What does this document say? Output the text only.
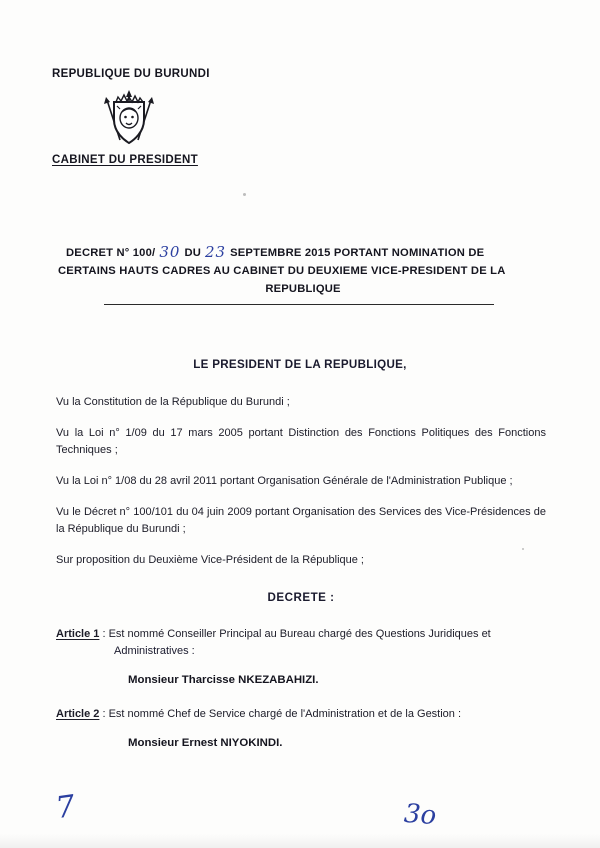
REPUBLIQUE DU BURUNDI
CABINET DU PRESIDENT
DECRET N° 100/ 30 DU 23 SEPTEMBRE 2015 PORTANT NOMINATION DE
CERTAINS HAUTS CADRES AU CABINET DU DEUXIEME VICE-PRESIDENT DE LA
REPUBLIQUE
LE PRESIDENT DE LA REPUBLIQUE,
Vu la Constitution de la République du Burundi ;
Vu la Loi n° 1/09 du 17 mars 2005 portant Distinction des Fonctions Politiques des Fonctions Techniques ;
Vu la Loi n° 1/08 du 28 avril 2011 portant Organisation Générale de l'Administration Publique ;
Vu le Décret n° 100/101 du 04 juin 2009 portant Organisation des Services des Vice-Présidences de la République du Burundi ;
Sur proposition du Deuxième Vice-Président de la République ;
DECRETE :
Article 1 : Est nommé Conseiller Principal au Bureau chargé des Questions Juridiques et
Administratives :
Monsieur Tharcisse NKEZABAHIZI.
Article 2 : Est nommé Chef de Service chargé de l'Administration et de la Gestion :
Monsieur Ernest NIYOKINDI.
7	3o
